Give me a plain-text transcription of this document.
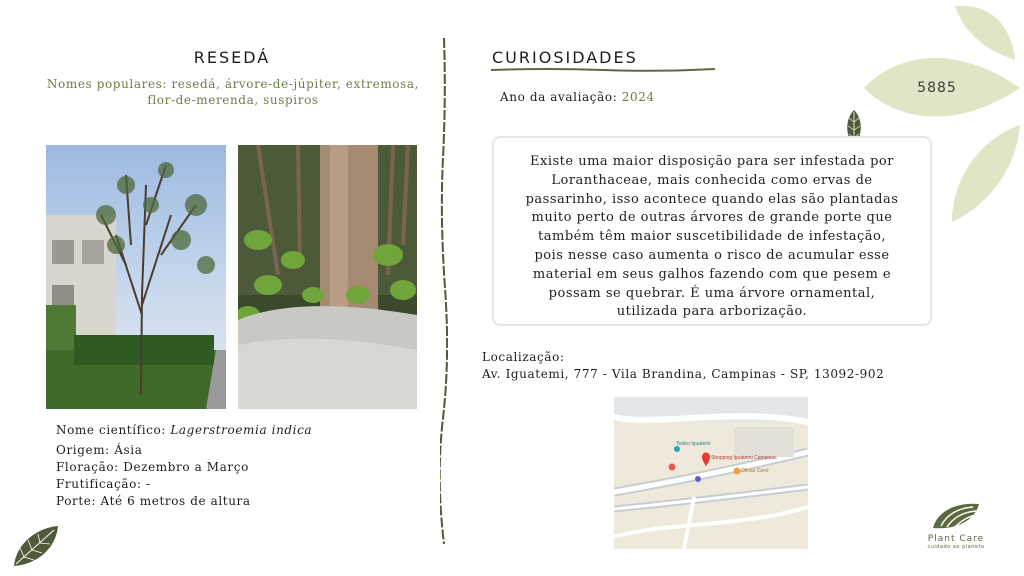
RESEDÁ
Nomes populares: resedá, árvore-de-júpiter, extremosa,
flor-de-merenda, suspiros
Nome científico: Lagerstroemia indica
Origem: Ásia
Floração: Dezembro a Março
Frutificação: -
Porte: Até 6 metros de altura
CURIOSIDADES
Ano da avaliação: 2024
5885
Existe uma maior disposição para ser infestada por
Loranthaceae, mais conhecida como ervas de
passarinho, isso acontece quando elas são plantadas
muito perto de outras árvores de grande porte que
também têm maior suscetibilidade de infestação,
pois nesse caso aumenta o risco de acumular esse
material em seus galhos fazendo com que pesem e
possam se quebrar. É uma árvore ornamental,
utilizada para arborização.
Localização:
Av. Iguatemi, 777 - Vila Brandina, Campinas - SP, 13092-902
Shopping Iguatemi Campinas
Teatro Iguatemi
Óticas Carol
Plant Care
cuidado ao planeta
